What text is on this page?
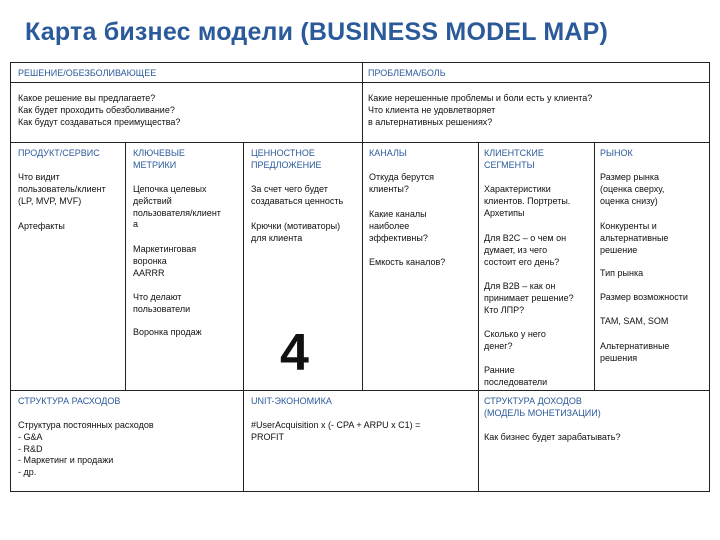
Карта бизнес модели (BUSINESS MODEL MAP)
РЕШЕНИЕ/ОБЕЗБОЛИВАЮЩЕЕ
Какое решение вы предлагаете?
Как будет проходить обезболивание?
Как будут создаваться преимущества?
ПРОБЛЕМА/БОЛЬ
Какие нерешенные проблемы и боли есть у клиента?
Что клиента не удовлетворяет
в альтернативных решениях?
ПРОДУКТ/СЕРВИС
Что видит
пользователь/клиент
(LP, MVP, MVF)
Артефакты
КЛЮЧЕВЫЕ
МЕТРИКИ
Цепочка целевых
действий
пользователя/клиент
а
Маркетинговая
воронка
AARRR
Что делают
пользователи
Воронка продаж
ЦЕННОСТНОЕ
ПРЕДЛОЖЕНИЕ
За счет чего будет
создаваться ценность
Крючки (мотиваторы)
для клиента
КАНАЛЫ
Откуда берутся
клиенты?
Какие каналы
наиболее
эффективны?
Емкость каналов?
КЛИЕНТСКИЕ
СЕГМЕНТЫ
Характеристики
клиентов. Портреты.
Архетипы
Для B2C – о чем он
думает, из чего
состоит его день?
Для B2B – как он
принимает решение?
Кто ЛПР?
Сколько у него
денег?
Ранние
последователи
РЫНОК
Размер рынка
(оценка сверху,
оценка снизу)
Конкуренты и
альтернативные
решение
Тип рынка
Размер возможности
TAM, SAM, SOM
Альтернативные
решения
4
СТРУКТУРА РАСХОДОВ
Структура постоянных расходов
- G&A
- R&D
- Маркетинг и продажи
- др.
UNIT-ЭКОНОМИКА
#UserAcquisition x (- CPA + ARPU x C1) =
PROFIT
СТРУКТУРА ДОХОДОВ
(МОДЕЛЬ МОНЕТИЗАЦИИ)
Как бизнес будет зарабатывать?
